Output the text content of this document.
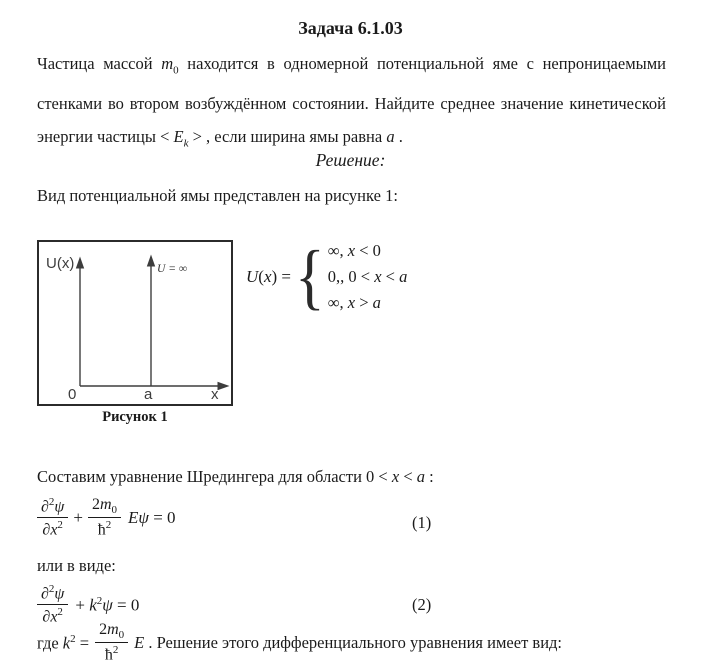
Задача 6.1.03
Частица массой $m_0$ находится в одномерной потенциальной яме с непроницаемыми
стенками во втором возбуждённом состоянии. Найдите среднее значение кинетической
энергии частицы < $E_k$ > , если ширина ямы равна a .
Решение:
Вид потенциальной ямы представлен на рисунке 1:
U(x)	U = ∞
0	a	x
Рисунок 1
U(x) = { ∞, x < 0
0,, 0 < x < a
∞, x > a
Составим уравнение Шредингера для области 0 < x < a :
$\frac{\partial^2\psi}{\partial x^2} + \frac{2m_0}{ħ^2}$ Eψ = 0	(1)
или в виде:
$\frac{\partial^2\psi}{\partial x^2} + k^2\psi = 0$	(2)
где $k^2 = \frac{2m_0}{ħ^2}$ E . Решение этого дифференциального уравнения имеет вид:
